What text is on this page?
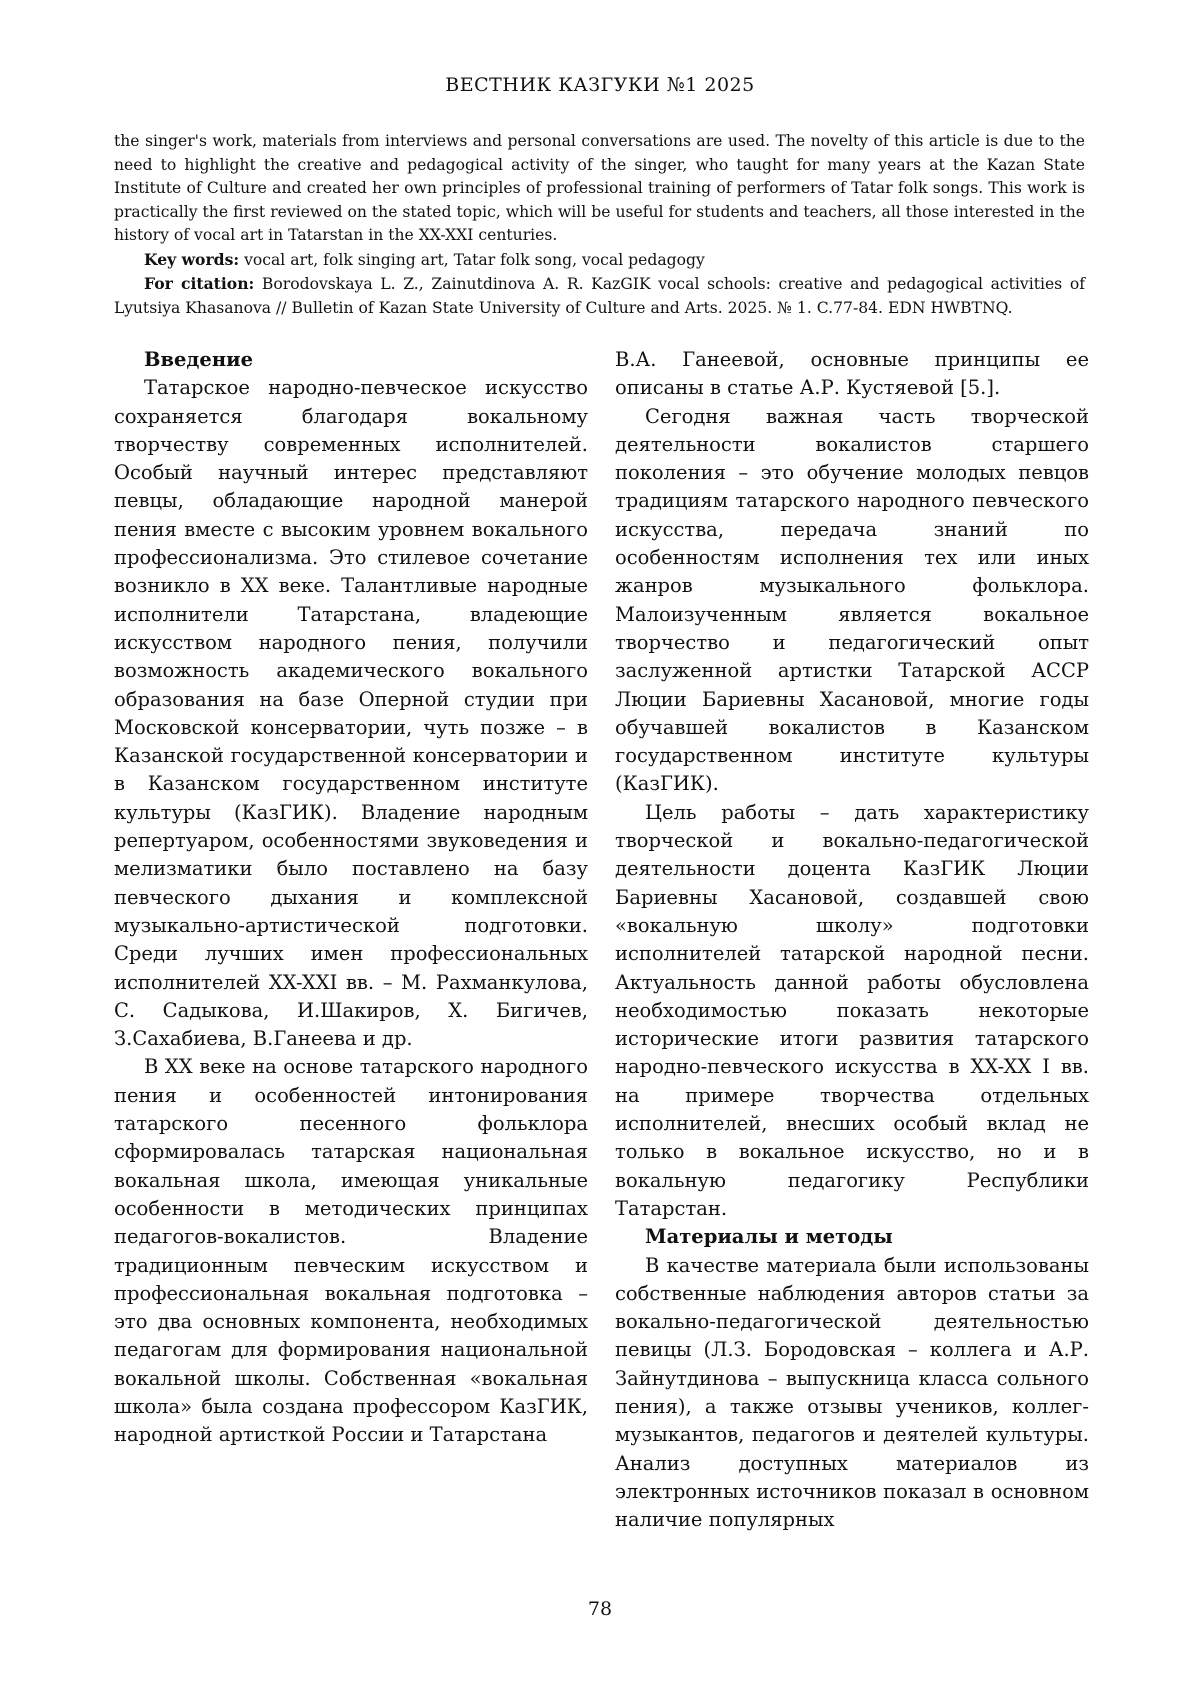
ВЕСТНИК КАЗГУКИ №1 2025

the singer's work, materials from interviews and personal conversations are used. The novelty of this article is due to the need to highlight the creative and pedagogical activity of the singer, who taught for many years at the Kazan State Institute of Culture and created her own principles of professional training of performers of Tatar folk songs. This work is practically the first reviewed on the stated topic, which will be useful for students and teachers, all those interested in the history of vocal art in Tatarstan in the XX-XXI centuries.

Key words: vocal art, folk singing art, Tatar folk song, vocal pedagogy

For citation: Borodovskaya L. Z., Zainutdinova A. R. KazGIK vocal schools: creative and pedagogical activities of Lyutsiya Khasanova // Bulletin of Kazan State University of Culture and Arts. 2025. № 1. C.77-84. EDN HWBTNQ.

Введение

Татарское народно-певческое искусство сохраняется благодаря вокальному творчеству современных исполнителей. Особый научный интерес представляют певцы, обладающие народной манерой пения вместе с высоким уровнем вокального профессионализма. Это стилевое сочетание возникло в XX веке. Талантливые народные исполнители Татарстана, владеющие искусством народного пения, получили возможность академического вокального образования на базе Оперной студии при Московской консерватории, чуть позже – в Казанской государственной консерватории и в Казанском государственном институте культуры (КазГИК). Владение народным репертуаром, особенностями звуковедения и мелизматики было поставлено на базу певческого дыхания и комплексной музыкально-артистической подготовки. Среди лучших имен профессиональных исполнителей XX-XXI вв. – М. Рахманкулова, С. Садыкова, И.Шакиров, Х. Бигичев, З.Сахабиева, В.Ганеева и др.

В XX веке на основе татарского народного пения и особенностей интонирования татарского песенного фольклора сформировалась татарская национальная вокальная школа, имеющая уникальные особенности в методических принципах педагогов-вокалистов. Владение традиционным певческим искусством и профессиональная вокальная подготовка – это два основных компонента, необходимых педагогам для формирования национальной вокальной школы. Собственная «вокальная школа» была создана профессором КазГИК, народной артисткой России и Татарстана

В.А. Ганеевой, основные принципы ее описаны в статье А.Р. Кустяевой [5.].

Сегодня важная часть творческой деятельности вокалистов старшего поколения – это обучение молодых певцов традициям татарского народного певческого искусства, передача знаний по особенностям исполнения тех или иных жанров музыкального фольклора. Малоизученным является вокальное творчество и педагогический опыт заслуженной артистки Татарской АССР Люции Бариевны Хасановой, многие годы обучавшей вокалистов в Казанском государственном институте культуры (КазГИК).

Цель работы – дать характеристику творческой и вокально-педагогической деятельности доцента КазГИК Люции Бариевны Хасановой, создавшей свою «вокальную школу» подготовки исполнителей татарской народной песни. Актуальность данной работы обусловлена необходимостью показать некоторые исторические итоги развития татарского народно-певческого искусства в XX-XX I вв. на примере творчества отдельных исполнителей, внесших особый вклад не только в вокальное искусство, но и в вокальную педагогику Республики Татарстан.

Материалы и методы

В качестве материала были использованы собственные наблюдения авторов статьи за вокально-педагогической деятельностью певицы (Л.З. Бородовская – коллега и А.Р. Зайнутдинова – выпускница класса сольного пения), а также отзывы учеников, коллег-музыкантов, педагогов и деятелей культуры. Анализ доступных материалов из электронных источников показал в основном наличие популярных

78
